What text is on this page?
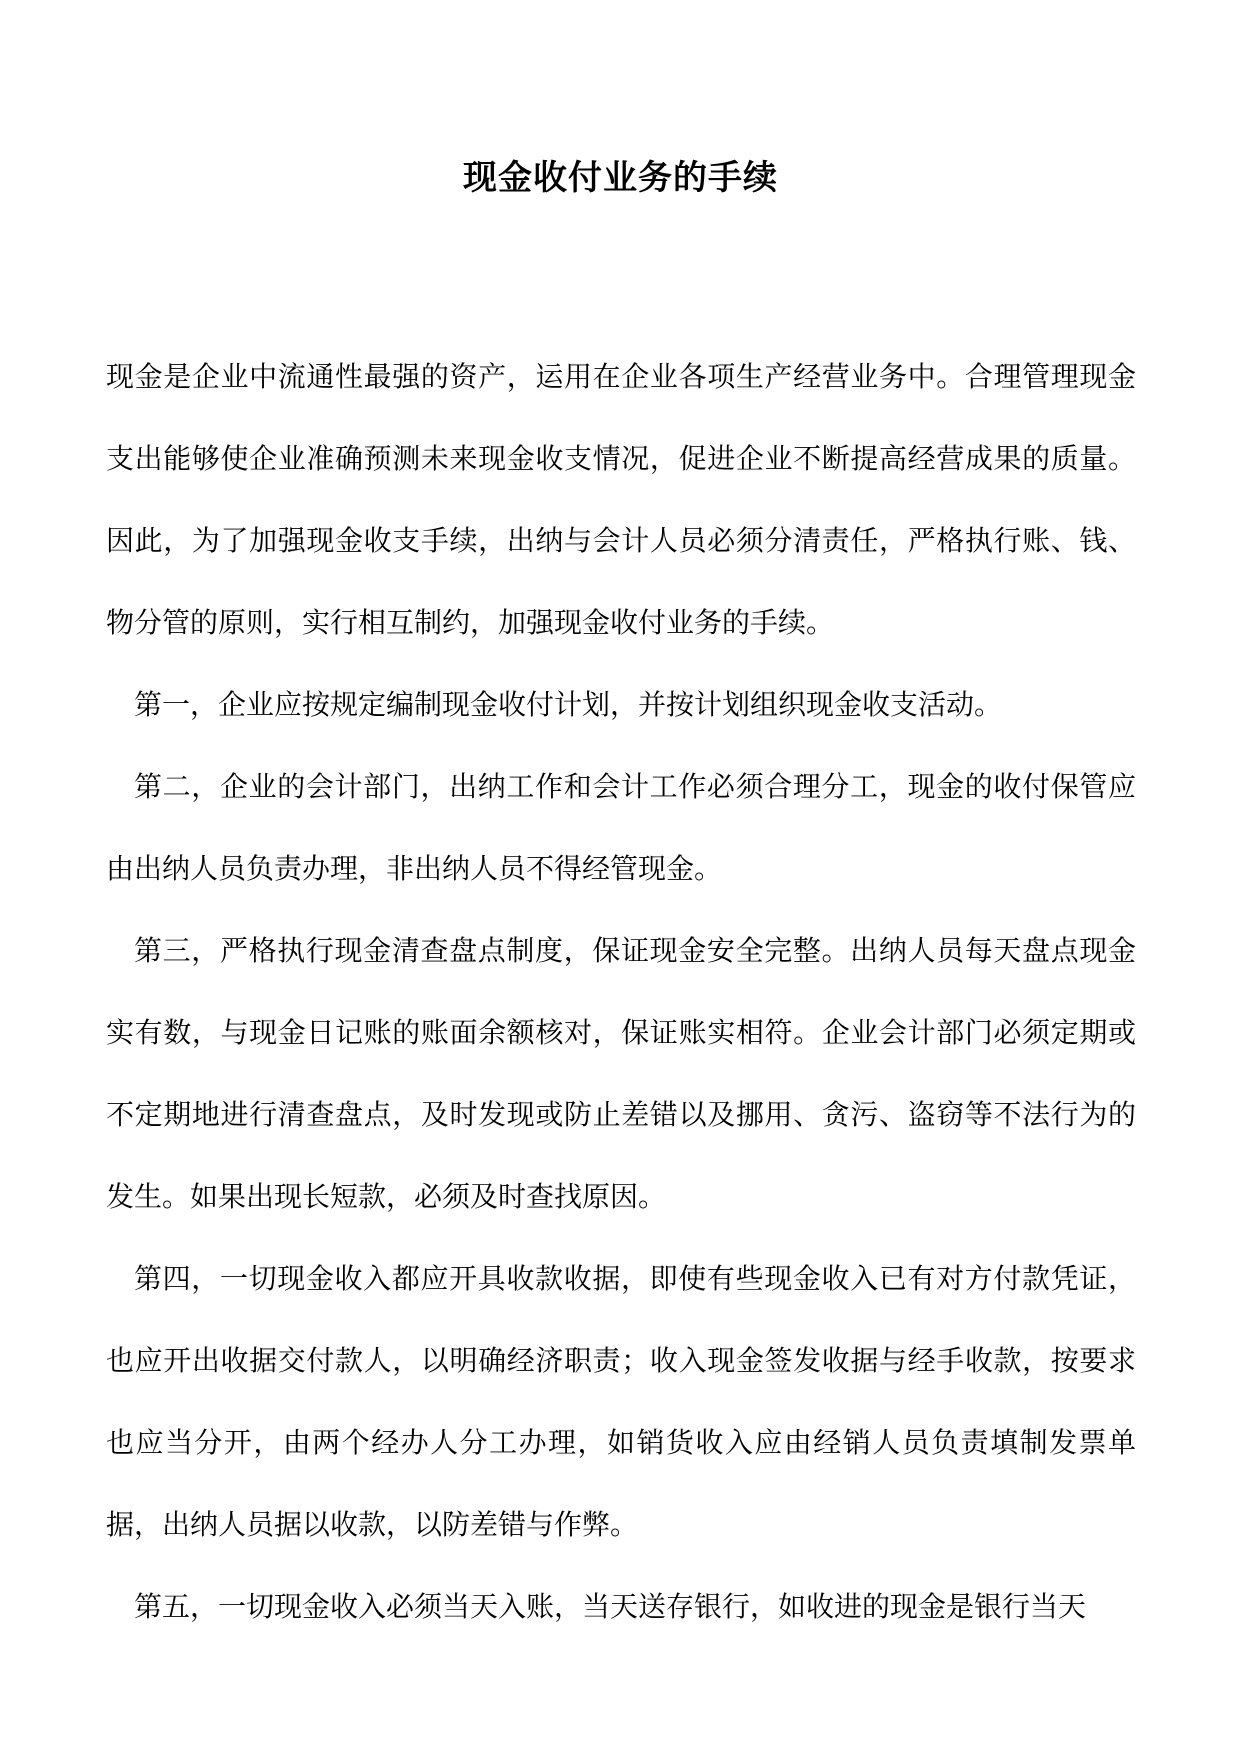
现金收付业务的手续

现金是企业中流通性最强的资产，运用在企业各项生产经营业务中。合理管理现金支出能够使企业准确预测未来现金收支情况，促进企业不断提高经营成果的质量。因此，为了加强现金收支手续，出纳与会计人员必须分清责任，严格执行账、钱、物分管的原则，实行相互制约，加强现金收付业务的手续。

第一，企业应按规定编制现金收付计划，并按计划组织现金收支活动。

第二，企业的会计部门，出纳工作和会计工作必须合理分工，现金的收付保管应由出纳人员负责办理，非出纳人员不得经管现金。

第三，严格执行现金清查盘点制度，保证现金安全完整。出纳人员每天盘点现金实有数，与现金日记账的账面余额核对，保证账实相符。企业会计部门必须定期或不定期地进行清查盘点，及时发现或防止差错以及挪用、贪污、盗窃等不法行为的发生。如果出现长短款，必须及时查找原因。

第四，一切现金收入都应开具收款收据，即使有些现金收入已有对方付款凭证，也应开出收据交付款人，以明确经济职责；收入现金签发收据与经手收款，按要求也应当分开，由两个经办人分工办理，如销货收入应由经销人员负责填制发票单据，出纳人员据以收款，以防差错与作弊。

第五，一切现金收入必须当天入账，当天送存银行，如收进的现金是银行当天
